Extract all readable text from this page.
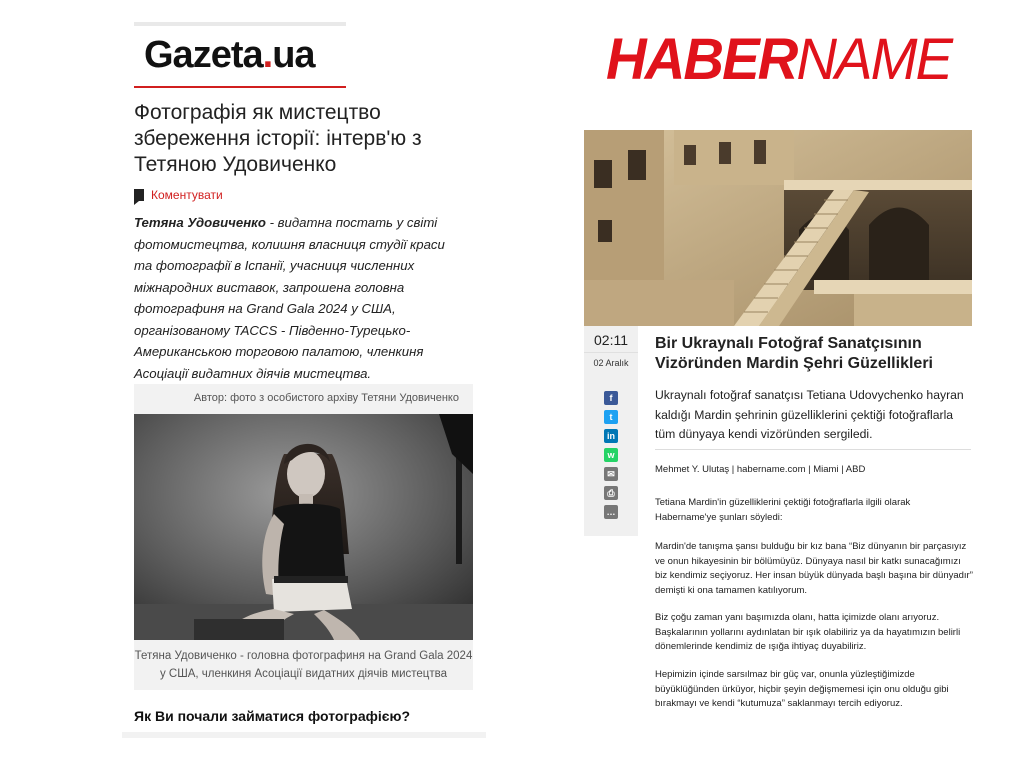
Gazeta.ua
Фотографія як мистецтво збереження історії: інтерв'ю з Тетяною Удовиченко
Коментувати

Тетяна Удовиченко - видатна постать у світі фотомистецтва, колишня власниця студії краси та фотографії в Іспанії, учасниця численних міжнародних виставок, запрошена головна фотографиня на Grand Gala 2024 у США, організованому TACCS - Південно-Турецько-Американською торговою палатою, членкиня Асоціації видатних діячів мистецтва.

Автор: фото з особистого архіву Тетяни Удовиченко
Тетяна Удовиченко - головна фотографиня на Grand Gala 2024 у США, членкиня Асоціації видатних діячів мистецтва
Як Ви почали займатися фотографією?
HABERNAME
02:11
02 Aralık
f
t
in
w
✉
⎙
…
Bir Ukraynalı Fotoğraf Sanatçısının Vizöründen Mardin Şehri Güzellikleri

Ukraynalı fotoğraf sanatçısı Tetiana Udovychenko hayran kaldığı Mardin şehrinin güzelliklerini çektiği fotoğraflarla tüm dünyaya kendi vizöründen sergiledi.

Mehmet Y. Ulutaş | habername.com | Miami | ABD

Tetiana Mardin'in güzelliklerini çektiği fotoğraflarla ilgili olarak Habername'ye şunları söyledi:

Mardin'de tanışma şansı bulduğu bir kız bana “Biz dünyanın bir parçasıyız ve onun hikayesinin bir bölümüyüz. Dünyaya nasıl bir katkı sunacağımızı biz kendimiz seçiyoruz. Her insan büyük dünyada başlı başına bir dünyadır” demişti ki ona tamamen katılıyorum.

Biz çoğu zaman yanı başımızda olanı, hatta içimizde olanı arıyoruz. Başkalarının yollarını aydınlatan bir ışık olabiliriz ya da hayatımızın belirli dönemlerinde kendimiz de ışığa ihtiyaç duyabiliriz.

Hepimizin içinde sarsılmaz bir güç var, onunla yüzleştiğimizde büyüklüğünden ürküyor, hiçbir şeyin değişmemesi için onu olduğu gibi bırakmayı ve kendi “kutumuza” saklanmayı tercih ediyoruz.
